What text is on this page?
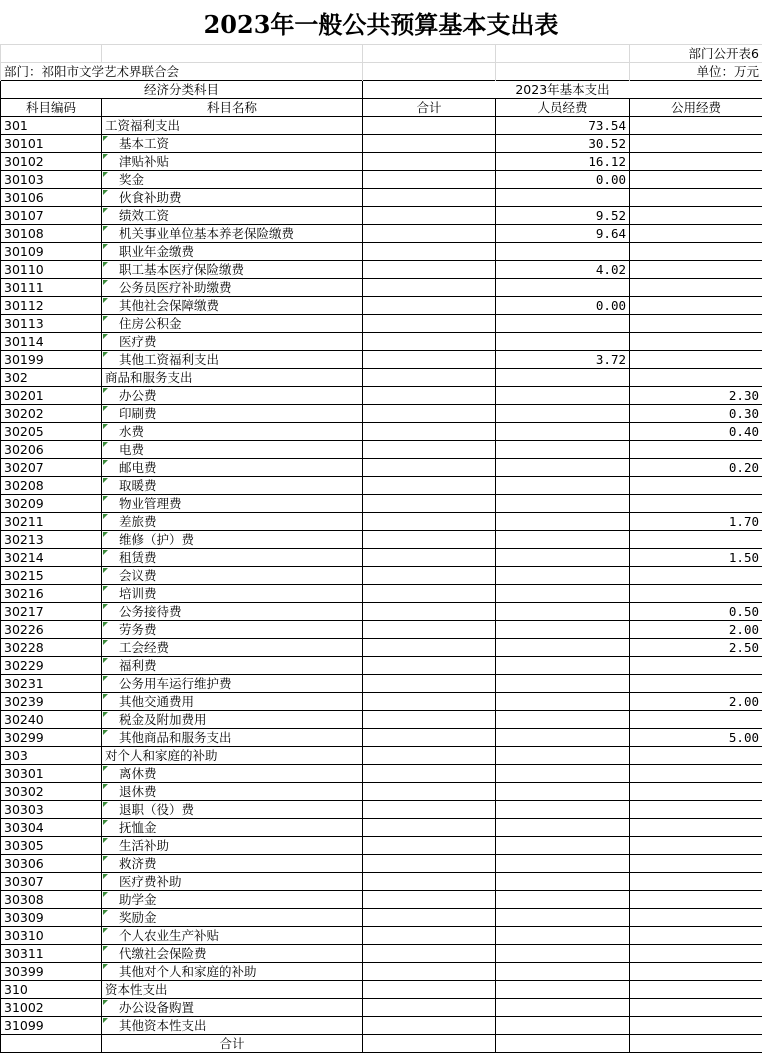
2023年一般公共预算基本支出表
				部门公开表6
部门：祁阳市文学艺术界联合会				单位：万元
经济分类科目		2023年基本支出		
科目编码	科目名称	合计	人员经费	公用经费
301	工资福利支出		73.54	
30101	基本工资		30.52	
30102	津贴补贴		16.12	
30103	奖金		0.00	
30106	伙食补助费

30107	绩效工资		9.52	
30108	机关事业单位基本养老保险缴费		9.64	
30109	职业年金缴费

30110	职工基本医疗保险缴费		4.02	
30111	公务员医疗补助缴费

30112	其他社会保障缴费		0.00	
30113	住房公积金

30114	医疗费

30199	其他工资福利支出		3.72	
302	商品和服务支出			
30201	办公费			2.30
30202	印刷费			0.30
30205	水费			0.40
30206	电费

30207	邮电费			0.20
30208	取暖费

30209	物业管理费

30211	差旅费			1.70
30213	维修（护）费

30214	租赁费			1.50
30215	会议费

30216	培训费

30217	公务接待费			0.50
30226	劳务费			2.00
30228	工会经费			2.50
30229	福利费

30231	公务用车运行维护费

30239	其他交通费用			2.00
30240	税金及附加费用

30299	其他商品和服务支出			5.00
303	对个人和家庭的补助			
30301	离休费

30302	退休费

30303	退职（役）费

30304	抚恤金

30305	生活补助

30306	救济费

30307	医疗费补助

30308	助学金

30309	奖励金

30310	个人农业生产补贴

30311	代缴社会保险费

30399	其他对个人和家庭的补助

310	资本性支出			
31002	办公设备购置

31099	其他资本性支出

	合计			
